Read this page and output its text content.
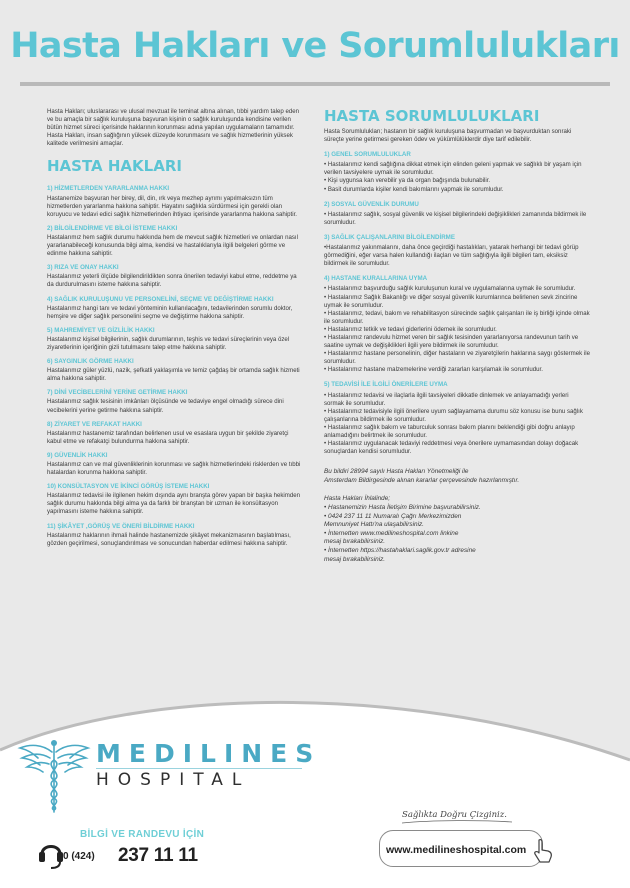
Hasta Hakları ve Sorumlulukları
Hasta Hakları; uluslararası ve ulusal mevzuat ile teminat altına alınan, tıbbi yardım talep eden ve bu amaçla bir sağlık kuruluşuna başvuran kişinin o sağlık kuruluşunda kendisine verilen bütün hizmet süreci içerisinde haklarının korunması adına yapılan uygulamaların tamamıdır. Hasta Hakları, insan sağlığının yüksek düzeyde korunmasını ve sağlık hizmetlerinin yüksek kalitede verilmesini amaçlar.
HASTA HAKLARI
1) HİZMETLERDEN YARARLANMA HAKKI
Hastanemize başvuran her birey, dil, din, ırk veya mezhep ayrımı yapılmaksızın tüm hizmetlerden yararlanma hakkına sahiptir. Hayatını sağlıkla sürdürmesi için gerekli olan koruyucu ve tedavi edici sağlık hizmetlerinden ihtiyacı içerisinde yararlanma hakkına sahiptir.
2) BİLGİLENDİRME VE BİLGİ İSTEME HAKKI
Hastalarımız hem sağlık durumu hakkında hem de mevcut sağlık hizmetleri ve onlardan nasıl yararlanabileceği konusunda bilgi alma, kendisi ve hastalıklarıyla ilgili belgeleri görme ve edinme hakkına sahiptir.
3) RIZA VE ONAY HAKKI
Hastalarımız yeterli ölçüde bilgilendirildikten sonra önerilen tedaviyi kabul etme, reddetme ya da durdurulmasını isteme hakkına sahiptir.
4) SAĞLIK KURULUŞUNU VE PERSONELİNİ, SEÇME VE DEĞİŞTİRME HAKKI
Hastalarımız hangi tanı ve tedavi yönteminin kullanılacağını, tedavilerinden sorumlu doktor, hemşire ve diğer sağlık personelini seçme ve değiştirme hakkına sahiptir.
5) MAHREMİYET VE GİZLİLİK HAKKI
Hastalarımız kişisel bilgilerinin, sağlık durumlarının, teşhis ve tedavi süreçlerinin veya özel ziyaretlerinin içeriğinin gizli tutulmasını talep etme hakkına sahiptir.
6) SAYGINLIK GÖRME HAKKI
Hastalarımız güler yüzlü, nazik, şefkatli yaklaşımla ve temiz çağdaş bir ortamda sağlık hizmeti alma hakkına sahiptir.
7) DİNİ VECİBELERİNİ YERİNE GETİRME HAKKI
Hastalarımız sağlık tesisinin imkânları ölçüsünde ve tedaviye engel olmadığı sürece dini vecibelerini yerine getirme hakkına sahiptir.
8) ZİYARET VE REFAKAT HAKKI
Hastalarımız hastanemiz tarafından belirlenen usul ve esaslara uygun bir şekilde ziyaretçi kabul etme ve refakatçi bulundurma hakkına sahiptir.
9) GÜVENLİK HAKKI
Hastalarımız can ve mal güvenliklerinin korunması ve sağlık hizmetlerindeki risklerden ve tıbbi hatalardan korunma hakkına sahiptir.
10) KONSÜLTASYON VE İKİNCİ GÖRÜŞ İSTEME HAKKI
Hastalarımız tedavisi ile ilgilenen hekim dışında aynı branşta görev yapan bir başka hekimden sağlık durumu hakkında bilgi alma ya da farklı bir branştan bir uzman ile konsültasyon yapılmasını isteme hakkına sahiptir.
11) ŞİKÂYET ,GÖRÜŞ VE ÖNERİ BİLDİRME HAKKI
Hastalarımız haklarının ihmali halinde hastanemizde şikâyet mekanizmasının başlatılması, gözden geçirilmesi, sonuçlandırılması ve sonucundan haberdar edilmesi hakkına sahiptir.
HASTA SORUMLULUKLARI
Hasta Sorumlulukları; hastanın bir sağlık kuruluşuna başvurmadan ve başvurduktan sonraki süreçte yerine getirmesi gereken ödev ve yükümlülüklerdir diye tarif edilebilir.
1) GENEL SORUMLULUKLAR
• Hastalarımız kendi sağlığına dikkat etmek için elinden geleni yapmak ve sağlıklı bir yaşam için verilen tavsiyelere uymak ile sorumludur.
• Kişi uygunsa kan verebilir ya da organ bağışında bulunabilir.
• Basit durumlarda kişiler kendi bakımlarını yapmak ile sorumludur.
2) SOSYAL GÜVENLİK DURUMU
• Hastalarımız sağlık, sosyal güvenlik ve kişisel bilgilerindeki değişiklikleri zamanında bildirmek ile sorumludur.
3) SAĞLIK ÇALIŞANLARINI BİLGİLENDİRME
•Hastalarımız yakınmalarını, daha önce geçirdiği hastalıkları, yatarak herhangi bir tedavi görüp görmediğini, eğer varsa halen kullandığı ilaçları ve tüm sağlığıyla ilgili bilgileri tam, eksiksiz bildirmek ile sorumludur.
4) HASTANE KURALLARINA UYMA
• Hastalarımız başvurduğu sağlık kuruluşunun kural ve uygulamalarına uymak ile sorumludur.
• Hastalarımız Sağlık Bakanlığı ve diğer sosyal güvenlik kurumlarınca belirlenen sevk zincirine uymak ile sorumludur.
• Hastalarımız, tedavi, bakım ve rehabilitasyon sürecinde sağlık çalışanları ile iş birliği içinde olmak ile sorumludur.
• Hastalarımız tetkik ve tedavi giderlerini ödemek ile sorumludur.
• Hastalarımız randevulu hizmet veren bir sağlık tesisinden yararlanıyorsa randevunun tarih ve saatine uymak ve değişiklikleri ilgili yere bildirmek ile sorumludur.
• Hastalarımız hastane personelinin, diğer hastaların ve ziyaretçilerin haklarına saygı göstermek ile sorumludur.
• Hastalarımız hastane malzemelerine verdiği zararları karşılamak ile sorumludur.
5) TEDAVİSİ İLE İLGİLİ ÖNERİLERE UYMA
• Hastalarımız tedavisi ve ilaçlarla ilgili tavsiyeleri dikkatle dinlemek ve anlayamadığı yerleri sormak ile sorumludur.
• Hastalarımız tedavisiyle ilgili önerilere uyum sağlayamama durumu söz konusu ise bunu sağlık çalışanlarına bildirmek ile sorumludur.
• Hastalarımız sağlık bakım ve taburculuk sonrası bakım planını beklendiği gibi doğru anlayıp anlamadığını belirtmek ile sorumludur.
• Hastalarımız uygulanacak tedaviyi reddetmesi veya önerilere uymamasından dolayı doğacak sonuçlardan kendisi sorumludur.
Bu bildiri 28994 sayılı Hasta Hakları Yönetmeliği ile
Amsterdam Bildirgesinde alınan kararlar çerçevesinde hazırlanmıştır.
Hasta Hakları İhlalinde;
• Hastanemizin Hasta İletişim Birimine başvurabilirsiniz.
• 0424 237 11 11 Numaralı Çağrı Merkezimizden
Memnuniyet Hattı'na ulaşabilirsiniz.
• İnternetten www.medilineshospital.com linkine
mesaj bırakabilirsiniz.
• İnternetten https://hastahaklari.saglik.gov.tr adresine
mesaj bırakabilirsiniz.
MEDILINES
HOSPITAL
BİLGİ VE RANDEVU İÇİN
0 (424) 237 11 11
Sağlıkta Doğru Çizginiz.
www.medilineshospital.com
